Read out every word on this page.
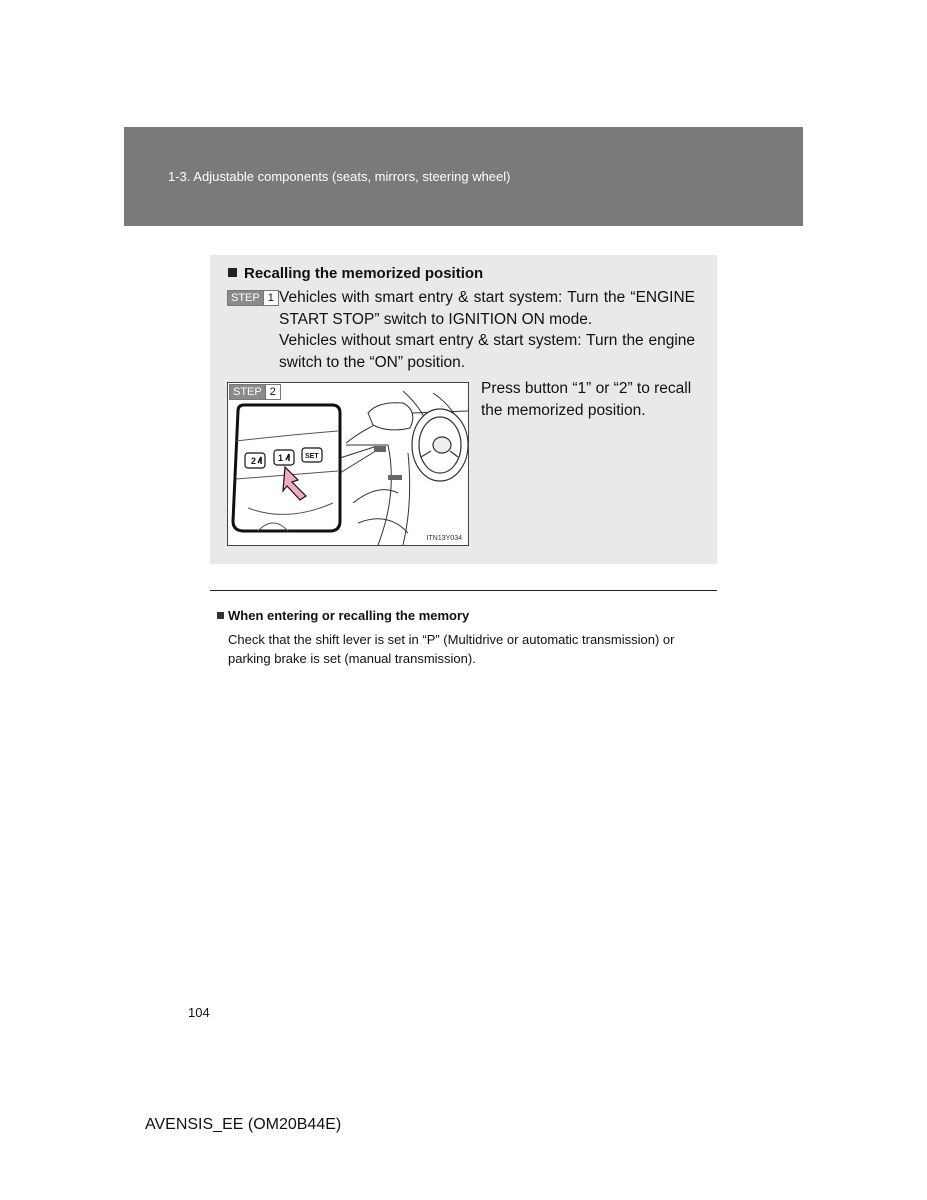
1-3. Adjustable components (seats, mirrors, steering wheel)
Recalling the memorized position
STEP 1 Vehicles with smart entry & start system: Turn the “ENGINE START STOP” switch to IGNITION ON mode.

Vehicles without smart entry & start system: Turn the engine switch to the “ON” position.

2 1	SET
STEP 2
ITN13Y034
Press button “1” or “2” to recall the memorized position.
When entering or recalling the memory
Check that the shift lever is set in “P” (Multidrive or automatic transmission) or parking brake is set (manual transmission).
104
AVENSIS_EE (OM20B44E)
